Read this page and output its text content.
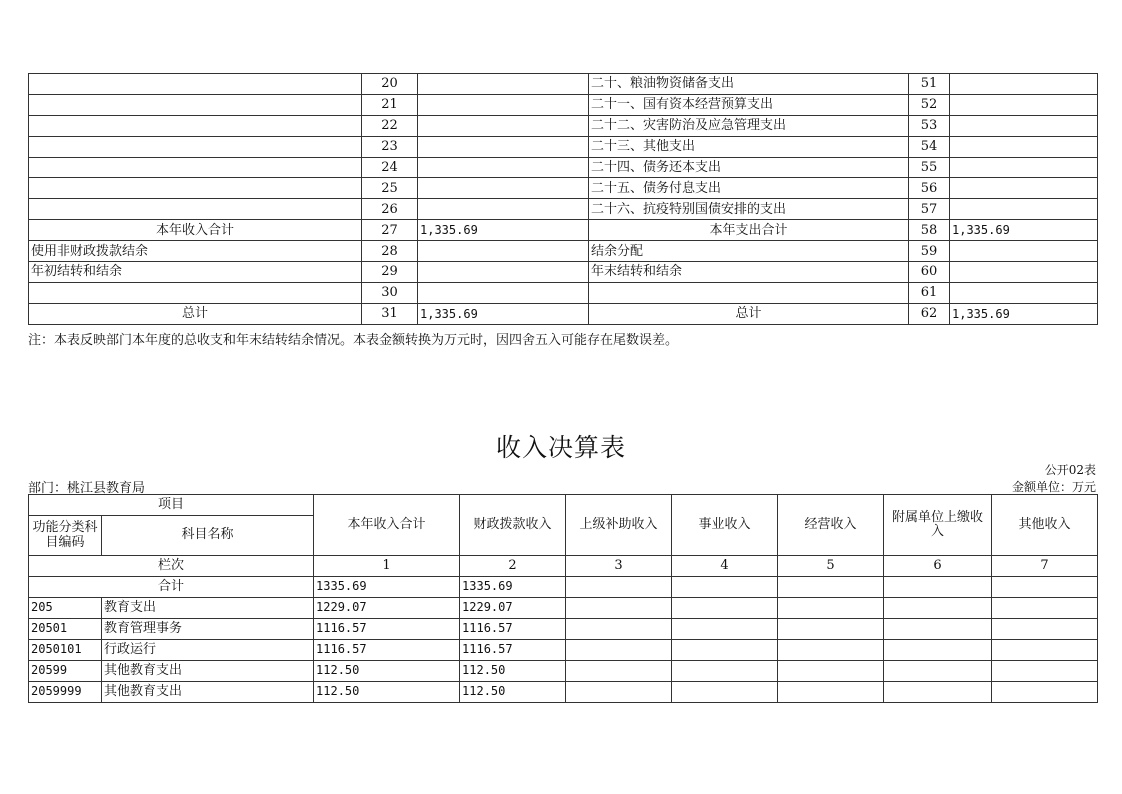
	20		二十、粮油物资储备支出	51	
	21		二十一、国有资本经营预算支出	52	
	22		二十二、灾害防治及应急管理支出	53	
	23		二十三、其他支出	54	
	24		二十四、债务还本支出	55	
	25		二十五、债务付息支出	56	
	26		二十六、抗疫特别国债安排的支出	57	
本年收入合计	27	1,335.69	本年支出合计	58	1,335.69
使用非财政拨款结余	28		结余分配	59	
年初结转和结余	29		年末结转和结余	60	
	30			61	
总计	31	1,335.69	总计	62	1,335.69
注：本表反映部门本年度的总收支和年末结转结余情况。本表金额转换为万元时，因四舍五入可能存在尾数误差。
收入决算表
公开02表
部门：桃江县教育局	金额单位：万元
项目		本年收入合计	财政拨款收入	上级补助收入	事业收入	经营收入	附属单位上缴收入	其他收入
功能分类科目编码	科目名称							
栏次		1	2	3	4	5	6	7
合计		1335.69	1335.69					
205	教育支出	1229.07	1229.07					
20501	教育管理事务	1116.57	1116.57					
2050101	行政运行	1116.57	1116.57					
20599	其他教育支出	112.50	112.50					
2059999	其他教育支出	112.50	112.50					
